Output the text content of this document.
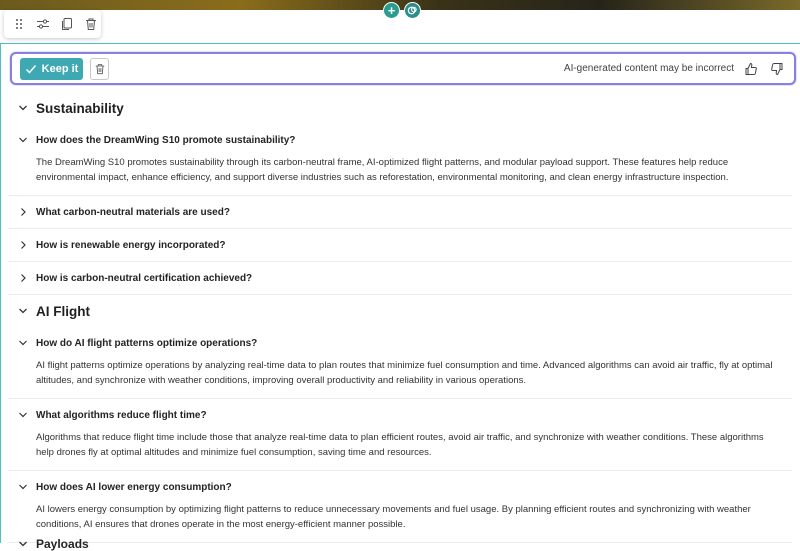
+
Keep it	AI-generated content may be incorrect
Sustainability
How does the DreamWing S10 promote sustainability?

The DreamWing S10 promotes sustainability through its carbon-neutral frame, AI-optimized flight patterns, and modular payload support. These features help reduce environmental impact, enhance efficiency, and support diverse industries such as reforestation, environmental monitoring, and clean energy infrastructure inspection.

What carbon-neutral materials are used?
How is renewable energy incorporated?
How is carbon-neutral certification achieved?
AI Flight
How do AI flight patterns optimize operations?

AI flight patterns optimize operations by analyzing real-time data to plan routes that minimize fuel consumption and time. Advanced algorithms can avoid air traffic, fly at optimal altitudes, and synchronize with weather conditions, improving overall productivity and reliability in various operations.

What algorithms reduce flight time?

Algorithms that reduce flight time include those that analyze real-time data to plan efficient routes, avoid air traffic, and synchronize with weather conditions. These algorithms help drones fly at optimal altitudes and minimize fuel consumption, saving time and resources.

How does AI lower energy consumption?

AI lowers energy consumption by optimizing flight patterns to reduce unnecessary movements and fuel usage. By planning efficient routes and synchronizing with weather conditions, AI ensures that drones operate in the most energy-efficient manner possible.

Payloads
